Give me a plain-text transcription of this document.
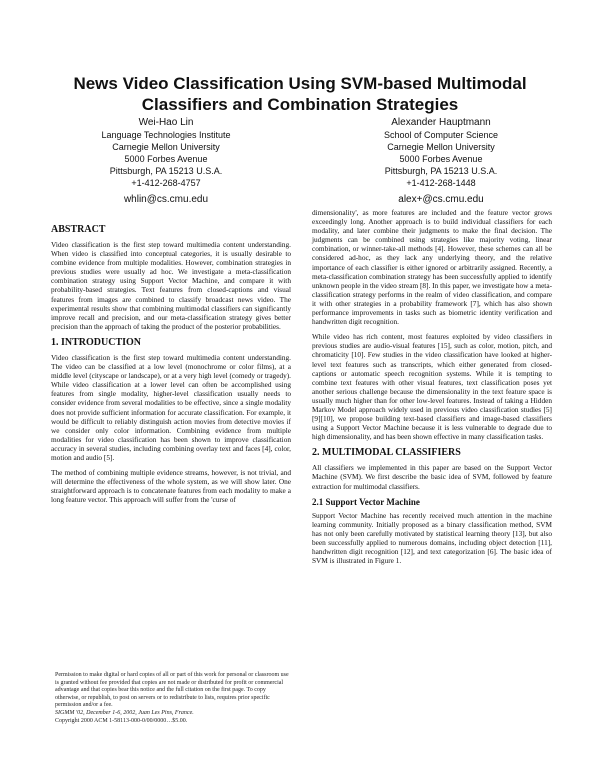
News Video Classification Using SVM-based Multimodal Classifiers and Combination Strategies
Wei-Hao Lin
Language Technologies Institute
Carnegie Mellon University
5000 Forbes Avenue
Pittsburgh, PA 15213 U.S.A.
+1-412-268-4757
whlin@cs.cmu.edu
Alexander Hauptmann
School of Computer Science
Carnegie Mellon University
5000 Forbes Avenue
Pittsburgh, PA 15213 U.S.A.
+1-412-268-1448
alex+@cs.cmu.edu
ABSTRACT

Video classification is the first step toward multimedia content understanding. When video is classified into conceptual categories, it is usually desirable to combine evidence from multiple modalities. However, combination strategies in previous studies were usually ad hoc. We investigate a meta-classification combination strategy using Support Vector Machine, and compare it with probability-based strategies. Text features from closed-captions and visual features from images are combined to classify broadcast news video. The experimental results show that combining multimodal classifiers can significantly improve recall and precision, and our meta-classification strategy gives better precision than the approach of taking the product of the posterior probabilities.

1. INTRODUCTION

Video classification is the first step toward multimedia content understanding. The video can be classified at a low level (monochrome or color films), at a middle level (cityscape or landscape), or at a very high level (comedy or tragedy). While video classification at a lower level can often be accomplished using features from single modality, higher-level classification usually needs to consider evidence from several modalities to be effective, since a single modality does not provide sufficient information for accurate classification. For example, it would be difficult to reliably distinguish action movies from detective movies if we consider only color information. Combining evidence from multiple modalities for video classification has been shown to improve classification accuracy in several studies, including combining overlay text and faces [4], color, motion and audio [5].

The method of combining multiple evidence streams, however, is not trivial, and will determine the effectiveness of the whole system, as we will show later. One straightforward approach is to concatenate features from each modality to make a long feature vector. This approach will suffer from the 'curse of

Permission to make digital or hard copies of all or part of this work for personal or classroom use is granted without fee provided that copies are not made or distributed for profit or commercial advantage and that copies bear this notice and the full citation on the first page. To copy otherwise, or republish, to post on servers or to redistribute to lists, requires prior specific permission and/or a fee.
SIGMM '02, December 1-6, 2002, Juan Les Pins, France.
Copyright 2000 ACM 1-58113-000-0/00/0000…$5.00.

dimensionality', as more features are included and the feature vector grows exceedingly long. Another approach is to build individual classifiers for each modality, and later combine their judgments to make the final decision. The judgments can be combined using strategies like majority voting, linear combination, or winner-take-all methods [4]. However, these schemes can all be considered ad-hoc, as they lack any underlying theory, and the relative importance of each classifier is either ignored or arbitrarily assigned. Recently, a meta-classification combination strategy has been successfully applied to identify unknown people in the video stream [8]. In this paper, we investigate how a meta-classification strategy performs in the realm of video classification, and compare it with other strategies in a probability framework [7], which has also shown performance improvements in tasks such as biometric identity verification and handwritten digit recognition.

While video has rich content, most features exploited by video classifiers in previous studies are audio-visual features [15], such as color, motion, pitch, and chromaticity [10]. Few studies in the video classification have looked at higher-level text features such as transcripts, which either generated from closed-captions or automatic speech recognition systems. While it is tempting to combine text features with other visual features, text classification poses yet another serious challenge because the dimensionality in the text feature space is usually much higher than for other low-level features. Instead of taking a Hidden Markov Model approach widely used in previous video classification studies [5][9][10], we propose building text-based classifiers and image-based classifiers using a Support Vector Machine because it is less vulnerable to degrade due to high dimensionality, and has been shown effective in many classification tasks.

2. MULTIMODAL CLASSIFIERS

All classifiers we implemented in this paper are based on the Support Vector Machine (SVM). We first describe the basic idea of SVM, followed by feature extraction for multimodal classifiers.

2.1 Support Vector Machine

Support Vector Machine has recently received much attention in the machine learning community. Initially proposed as a binary classification method, SVM has not only been carefully motivated by statistical learning theory [13], but also been successfully applied to numerous domains, including object detection [11], handwritten digit recognition [12], and text categorization [6]. The basic idea of SVM is illustrated in Figure 1.
